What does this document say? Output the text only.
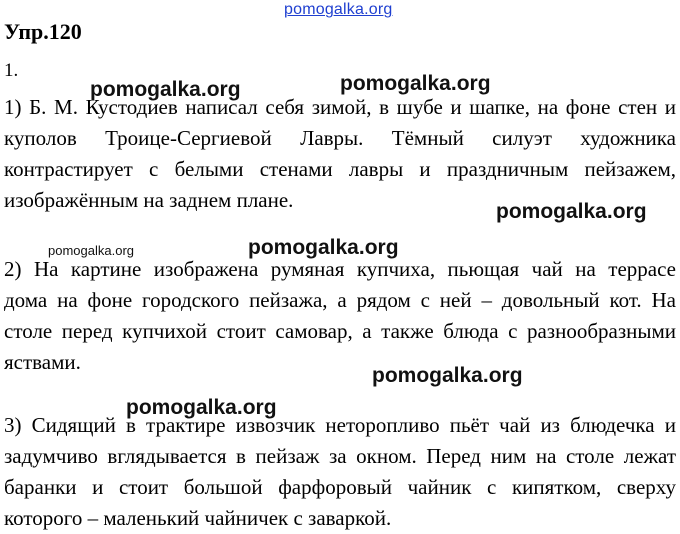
pomogalka.org
Упр.120
1.
1) Б. М. Кустодиев написал себя зимой, в шубе и шапке, на фоне стен и
куполов Троице-Сергиевой Лавры. Тёмный силуэт художника
контрастирует с белыми стенами лавры и праздничным пейзажем,
изображённым на заднем плане.
2) На картине изображена румяная купчиха, пьющая чай на террасе
дома на фоне городского пейзажа, а рядом с ней – довольный кот. На
столе перед купчихой стоит самовар, а также блюда с разнообразными
яствами.
3) Сидящий в трактире извозчик неторопливо пьёт чай из блюдечка и
задумчиво вглядывается в пейзаж за окном. Перед ним на столе лежат
баранки и стоит большой фарфоровый чайник с кипятком, сверху
которого – маленький чайничек с заваркой.
pomogalka.org	pomogalka.org
pomogalka.org
pomogalka.org	pomogalka.org
pomogalka.org
pomogalka.org
